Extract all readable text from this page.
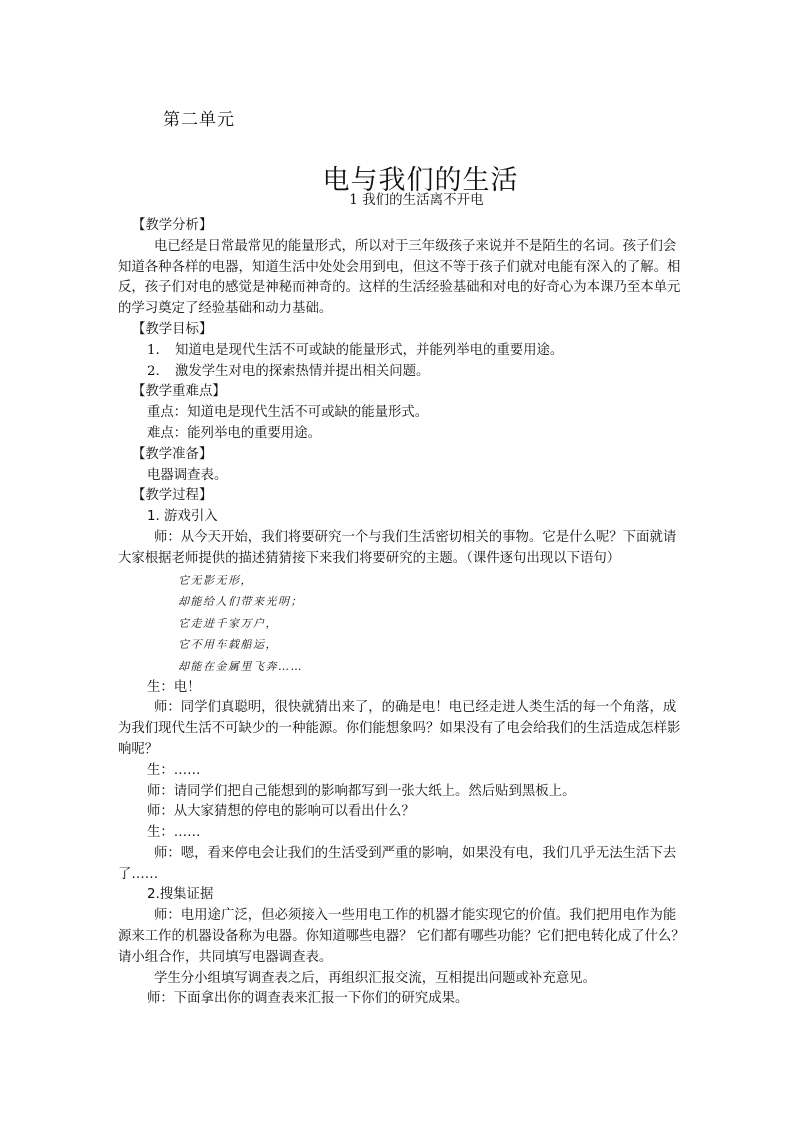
第二单元
电与我们的生活
1 我们的生活离不开电

【教学分析】

电已经是日常最常见的能量形式，所以对于三年级孩子来说并不是陌生的名词。孩子们会知道各种各样的电器，知道生活中处处会用到电，但这不等于孩子们就对电能有深入的了解。相反，孩子们对电的感觉是神秘而神奇的。这样的生活经验基础和对电的好奇心为本课乃至本单元的学习奠定了经验基础和动力基础。

【教学目标】

1. 知道电是现代生活不可或缺的能量形式，并能列举电的重要用途。

2. 激发学生对电的探索热情并提出相关问题。

【教学重难点】

重点：知道电是现代生活不可或缺的能量形式。

难点：能列举电的重要用途。

【教学准备】

电器调查表。

【教学过程】

1. 游戏引入

师：从今天开始，我们将要研究一个与我们生活密切相关的事物。它是什么呢？下面就请大家根据老师提供的描述猜猜接下来我们将要研究的主题。（课件逐句出现以下语句）

它无影无形，

却能给人们带来光明；

它走进千家万户，

它不用车载船运，

却能在金属里飞奔……

生：电！

师：同学们真聪明，很快就猜出来了，的确是电！电已经走进人类生活的每一个角落，成为我们现代生活不可缺少的一种能源。你们能想象吗？如果没有了电会给我们的生活造成怎样影响呢？

生：……

师：请同学们把自己能想到的影响都写到一张大纸上。然后贴到黑板上。

师：从大家猜想的停电的影响可以看出什么？

生：……

师：嗯，看来停电会让我们的生活受到严重的影响，如果没有电，我们几乎无法生活下去了……

2.搜集证据

师：电用途广泛，但必须接入一些用电工作的机器才能实现它的价值。我们把用电作为能源来工作的机器设备称为电器。你知道哪些电器？ 它们都有哪些功能？它们把电转化成了什么？请小组合作，共同填写电器调查表。

学生分小组填写调查表之后，再组织汇报交流，互相提出问题或补充意见。

师：下面拿出你的调查表来汇报一下你们的研究成果。
